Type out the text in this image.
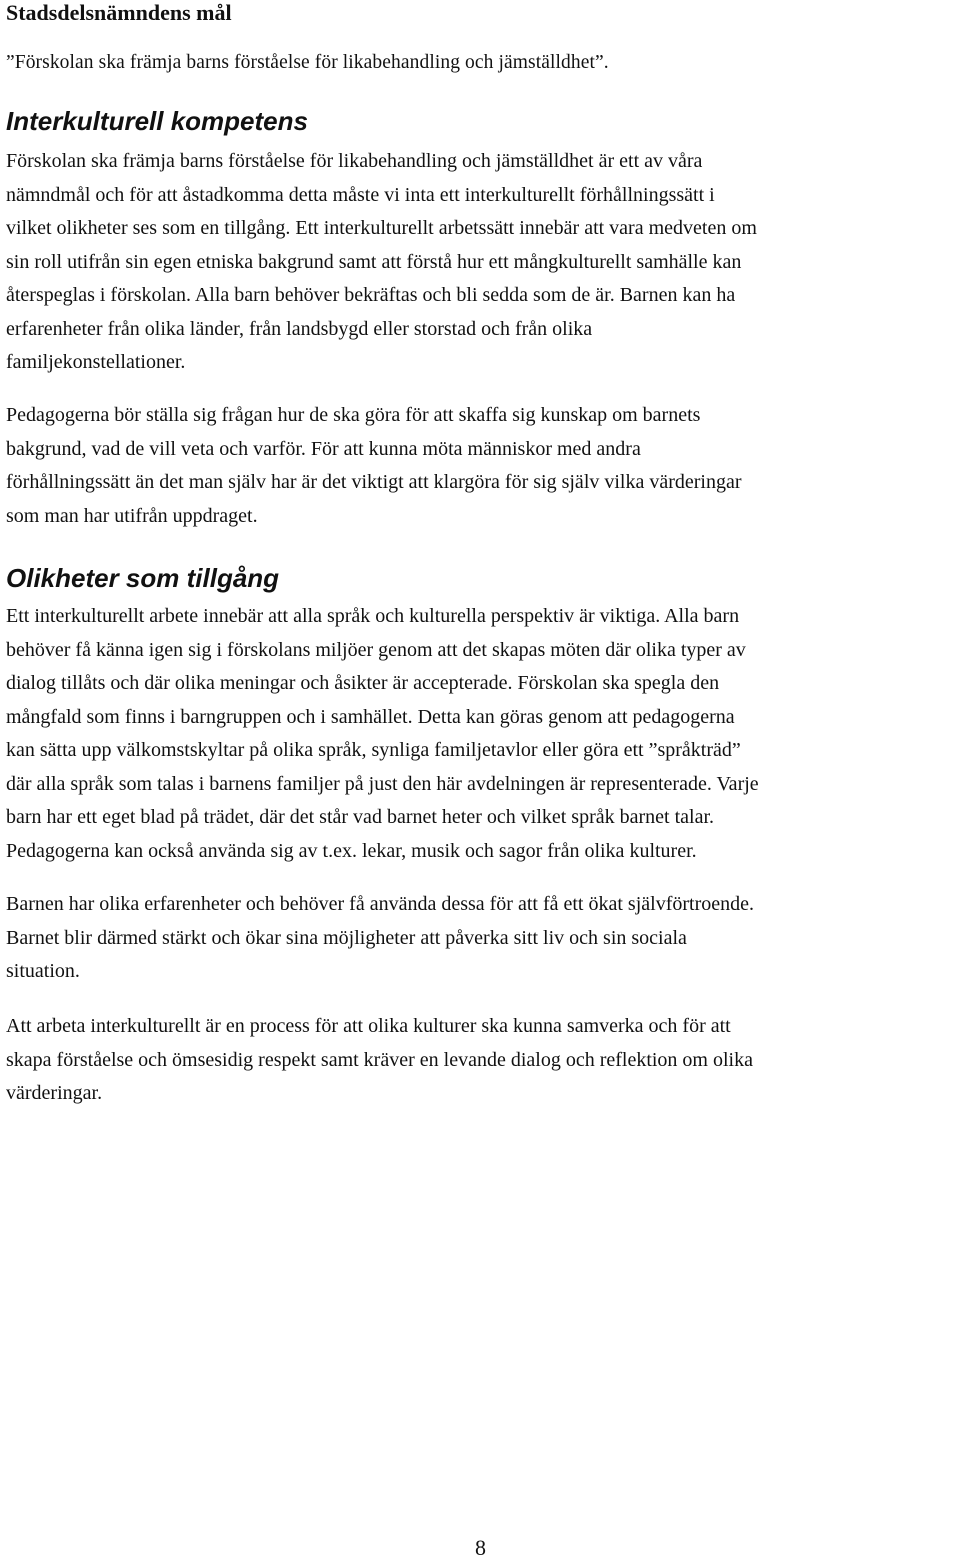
Stadsdelsnämndens mål
”Förskolan ska främja barns förståelse för likabehandling och jämställdhet”.
Interkulturell kompetens
Förskolan ska främja barns förståelse för likabehandling och jämställdhet är ett av våra
nämndmål och för att åstadkomma detta måste vi inta ett interkulturellt förhållningssätt i
vilket olikheter ses som en tillgång. Ett interkulturellt arbetssätt innebär att vara medveten om
sin roll utifrån sin egen etniska bakgrund samt att förstå hur ett mångkulturellt samhälle kan
återspeglas i förskolan. Alla barn behöver bekräftas och bli sedda som de är. Barnen kan ha
erfarenheter från olika länder, från landsbygd eller storstad och från olika
familjekonstellationer.
Pedagogerna bör ställa sig frågan hur de ska göra för att skaffa sig kunskap om barnets
bakgrund, vad de vill veta och varför. För att kunna möta människor med andra
förhållningssätt än det man själv har är det viktigt att klargöra för sig själv vilka värderingar
som man har utifrån uppdraget.
Olikheter som tillgång
Ett interkulturellt arbete innebär att alla språk och kulturella perspektiv är viktiga. Alla barn
behöver få känna igen sig i förskolans miljöer genom att det skapas möten där olika typer av
dialog tillåts och där olika meningar och åsikter är accepterade. Förskolan ska spegla den
mångfald som finns i barngruppen och i samhället. Detta kan göras genom att pedagogerna
kan sätta upp välkomstskyltar på olika språk, synliga familjetavlor eller göra ett ”språkträd”
där alla språk som talas i barnens familjer på just den här avdelningen är representerade. Varje
barn har ett eget blad på trädet, där det står vad barnet heter och vilket språk barnet talar.
Pedagogerna kan också använda sig av t.ex. lekar, musik och sagor från olika kulturer.
Barnen har olika erfarenheter och behöver få använda dessa för att få ett ökat självförtroende.
Barnet blir därmed stärkt och ökar sina möjligheter att påverka sitt liv och sin sociala
situation.
Att arbeta interkulturellt är en process för att olika kulturer ska kunna samverka och för att
skapa förståelse och ömsesidig respekt samt kräver en levande dialog och reflektion om olika
värderingar.
8
